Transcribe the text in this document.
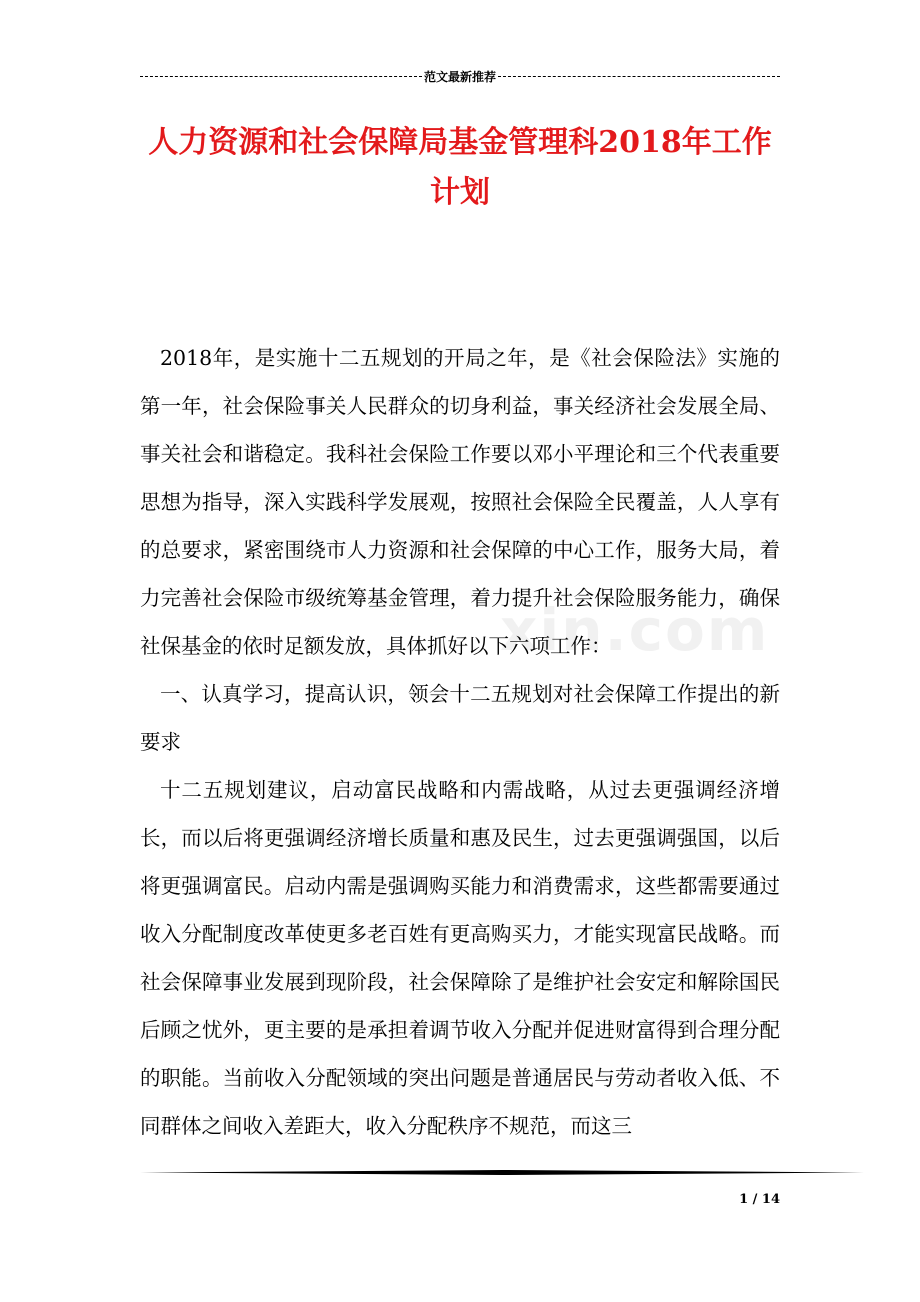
范文最新推荐
人力资源和社会保障局基金管理科2018年工作计划
xin.com

2018年，是实施十二五规划的开局之年，是《社会保险法》实施的第一年，社会保险事关人民群众的切身利益，事关经济社会发展全局、事关社会和谐稳定。我科社会保险工作要以邓小平理论和三个代表重要思想为指导，深入实践科学发展观，按照社会保险全民覆盖，人人享有的总要求，紧密围绕市人力资源和社会保障的中心工作，服务大局，着力完善社会保险市级统筹基金管理，着力提升社会保险服务能力，确保社保基金的依时足额发放，具体抓好以下六项工作：

一、认真学习，提高认识，领会十二五规划对社会保障工作提出的新要求

十二五规划建议，启动富民战略和内需战略，从过去更强调经济增长，而以后将更强调经济增长质量和惠及民生，过去更强调强国，以后将更强调富民。启动内需是强调购买能力和消费需求，这些都需要通过收入分配制度改革使更多老百姓有更高购买力，才能实现富民战略。而社会保障事业发展到现阶段，社会保障除了是维护社会安定和解除国民后顾之忧外，更主要的是承担着调节收入分配并促进财富得到合理分配的职能。当前收入分配领域的突出问题是普通居民与劳动者收入低、不同群体之间收入差距大，收入分配秩序不规范，而这三

1 / 14
